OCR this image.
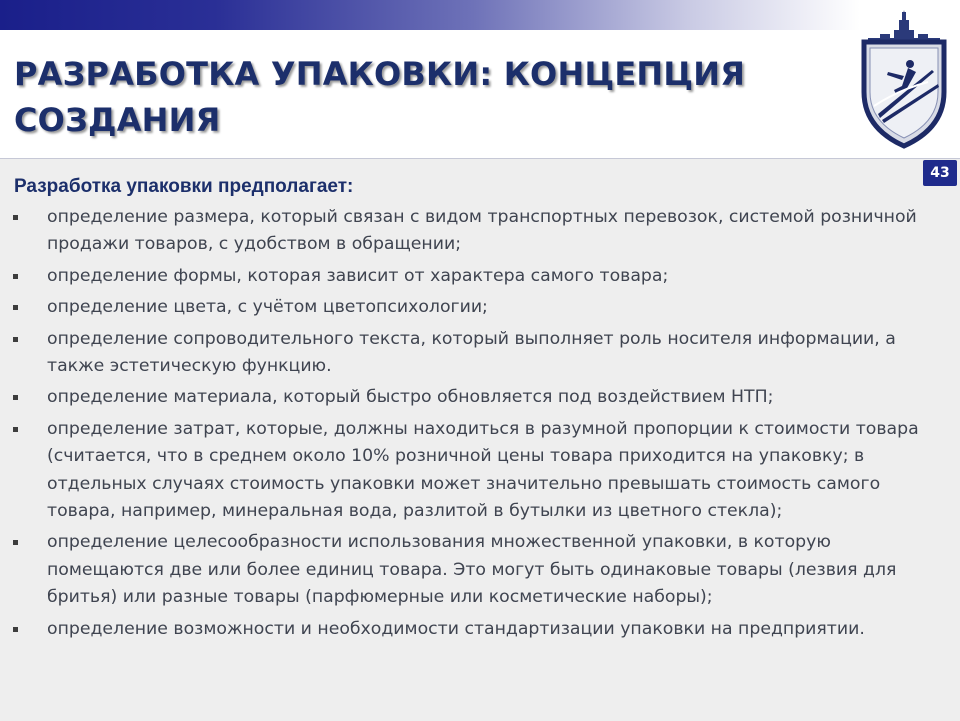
РАЗРАБОТКА УПАКОВКИ: КОНЦЕПЦИЯ
СОЗДАНИЯ
43
Разработка упаковки предполагает:
определение размера, который связан с видом транспортных перевозок, системой розничной продажи товаров, с удобством в обращении;
определение формы, которая зависит от характера самого товара;
определение цвета, с учётом цветопсихологии;
определение сопроводительного текста, который выполняет роль носителя информации, а также эстетическую функцию.
определение материала, который быстро обновляется под воздействием НТП;
определение затрат, которые, должны находиться в разумной пропорции к стоимости товара (считается, что в среднем около 10% розничной цены товара приходится на упаковку; в отдельных случаях стоимость упаковки может значительно превышать стоимость самого товара, например, минеральная вода, разлитой в бутылки из цветного стекла);
определение целесообразности использования множественной упаковки, в которую помещаются две или более единиц товара. Это могут быть одинаковые товары (лезвия для бритья) или разные товары (парфюмерные или косметические наборы);
определение возможности и необходимости стандартизации упаковки на предприятии.
